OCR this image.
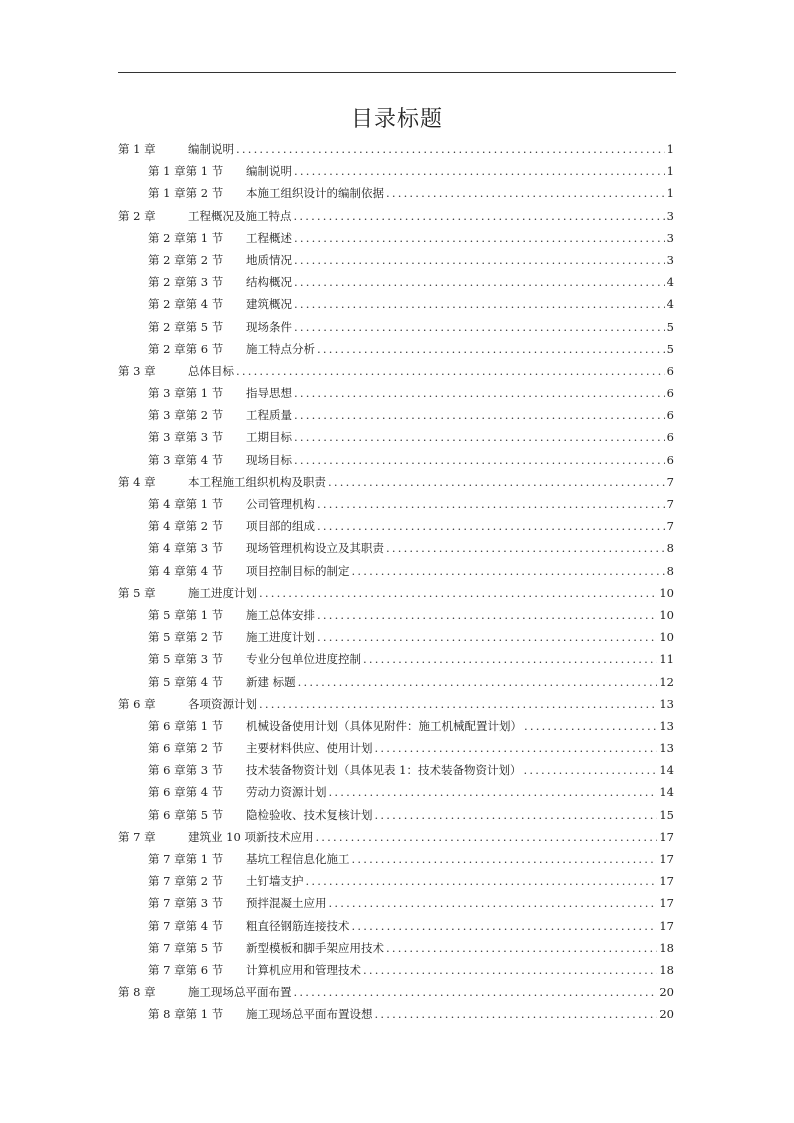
目录标题
第 1 章	编制说明 .....	1
第 1 章第 1 节	编制说明 .....	1
第 1 章第 2 节	本施工组织设计的编制依据 .....	1
第 2 章	工程概况及施工特点 .....	3
第 2 章第 1 节	工程概述 .....	3
第 2 章第 2 节	地质情况 .....	3
第 2 章第 3 节	结构概况 .....	4
第 2 章第 4 节	建筑概况 .....	4
第 2 章第 5 节	现场条件 .....	5
第 2 章第 6 节	施工特点分析 .....	5
第 3 章	总体目标 .....	6
第 3 章第 1 节	指导思想 .....	6
第 3 章第 2 节	工程质量 .....	6
第 3 章第 3 节	工期目标 .....	6
第 3 章第 4 节	现场目标 .....	6
第 4 章	本工程施工组织机构及职责 .....	7
第 4 章第 1 节	公司管理机构 .....	7
第 4 章第 2 节	项目部的组成 .....	7
第 4 章第 3 节	现场管理机构设立及其职责 .....	8
第 4 章第 4 节	项目控制目标的制定 .....	8
第 5 章	施工进度计划 .....	10
第 5 章第 1 节	施工总体安排 .....	10
第 5 章第 2 节	施工进度计划 .....	10
第 5 章第 3 节	专业分包单位进度控制 .....	11
第 5 章第 4 节	新建 标题 .....	12
第 6 章	各项资源计划 .....	13
第 6 章第 1 节	机械设备使用计划（具体见附件：施工机械配置计划） .....	13
第 6 章第 2 节	主要材料供应、使用计划 .....	13
第 6 章第 3 节	技术装备物资计划（具体见表 1：技术装备物资计划） .....	14
第 6 章第 4 节	劳动力资源计划 .....	14
第 6 章第 5 节	隐检验收、技术复核计划 .....	15
第 7 章	建筑业 10 项新技术应用 .....	17
第 7 章第 1 节	基坑工程信息化施工 .....	17
第 7 章第 2 节	土钉墙支护 .....	17
第 7 章第 3 节	预拌混凝土应用 .....	17
第 7 章第 4 节	粗直径钢筋连接技术 .....	17
第 7 章第 5 节	新型模板和脚手架应用技术 .....	18
第 7 章第 6 节	计算机应用和管理技术 .....	18
第 8 章	施工现场总平面布置 .....	20
第 8 章第 1 节	施工现场总平面布置设想 .....	20
